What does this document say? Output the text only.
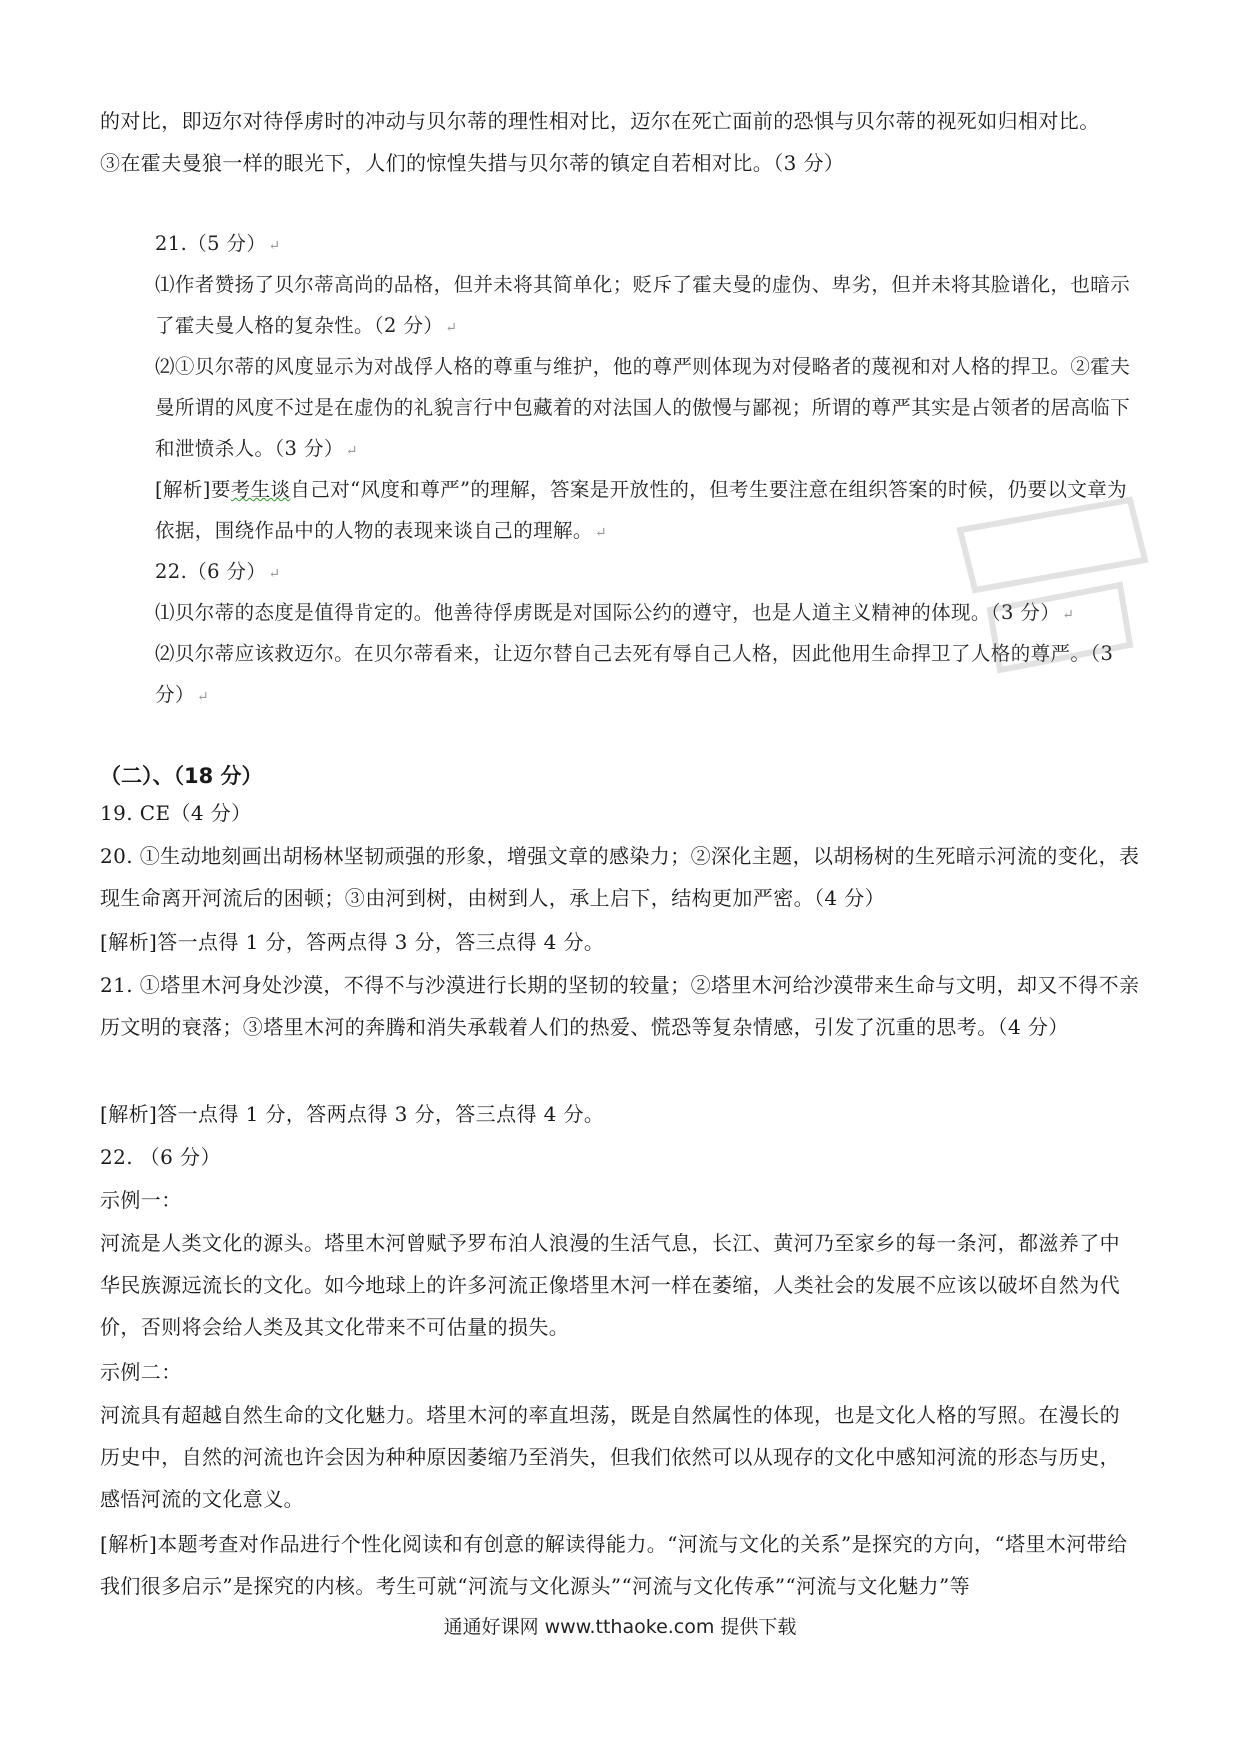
的对比，即迈尔对待俘虏时的冲动与贝尔蒂的理性相对比，迈尔在死亡面前的恐惧与贝尔蒂的视死如归相对比。
③在霍夫曼狼一样的眼光下，人们的惊惶失措与贝尔蒂的镇定自若相对比。（3 分）
21.（5 分） ↵
⑴作者赞扬了贝尔蒂高尚的品格，但并未将其简单化；贬斥了霍夫曼的虚伪、卑劣，但并未将其脸谱化，也暗示了霍夫曼人格的复杂性。（2 分） ↵
⑵①贝尔蒂的风度显示为对战俘人格的尊重与维护，他的尊严则体现为对侵略者的蔑视和对人格的捍卫。②霍夫曼所谓的风度不过是在虚伪的礼貌言行中包藏着的对法国人的傲慢与鄙视；所谓的尊严其实是占领者的居高临下和泄愤杀人。（3 分） ↵
[解析]要考生谈自己对“风度和尊严”的理解，答案是开放性的，但考生要注意在组织答案的时候，仍要以文章为依据，围绕作品中的人物的表现来谈自己的理解。 ↵
22.（6 分） ↵
⑴贝尔蒂的态度是值得肯定的。他善待俘虏既是对国际公约的遵守，也是人道主义精神的体现。（3 分） ↵
⑵贝尔蒂应该救迈尔。在贝尔蒂看来，让迈尔替自己去死有辱自己人格，因此他用生命捍卫了人格的尊严。（3 分） ↵
（二）、（18 分）
19. CE（4 分）
20. ①生动地刻画出胡杨林坚韧顽强的形象，增强文章的感染力；②深化主题，以胡杨树的生死暗示河流的变化，表现生命离开河流后的困顿；③由河到树，由树到人，承上启下，结构更加严密。（4 分）
[解析]答一点得 1 分，答两点得 3 分，答三点得 4 分。
21. ①塔里木河身处沙漠，不得不与沙漠进行长期的坚韧的较量；②塔里木河给沙漠带来生命与文明，却又不得不亲历文明的衰落；③塔里木河的奔腾和消失承载着人们的热爱、慌恐等复杂情感，引发了沉重的思考。（4 分）
[解析]答一点得 1 分，答两点得 3 分，答三点得 4 分。
22. （6 分）
示例一：
河流是人类文化的源头。塔里木河曾赋予罗布泊人浪漫的生活气息，长江、黄河乃至家乡的每一条河，都滋养了中华民族源远流长的文化。如今地球上的许多河流正像塔里木河一样在萎缩，人类社会的发展不应该以破坏自然为代价，否则将会给人类及其文化带来不可估量的损失。
示例二：
河流具有超越自然生命的文化魅力。塔里木河的率直坦荡，既是自然属性的体现，也是文化人格的写照。在漫长的历史中，自然的河流也许会因为种种原因萎缩乃至消失，但我们依然可以从现存的文化中感知河流的形态与历史，感悟河流的文化意义。
[解析]本题考查对作品进行个性化阅读和有创意的解读得能力。“河流与文化的关系”是探究的方向，“塔里木河带给我们很多启示”是探究的内核。考生可就“河流与文化源头”“河流与文化传承”“河流与文化魅力”等
通通好课网 www.tthaoke.com 提供下载
